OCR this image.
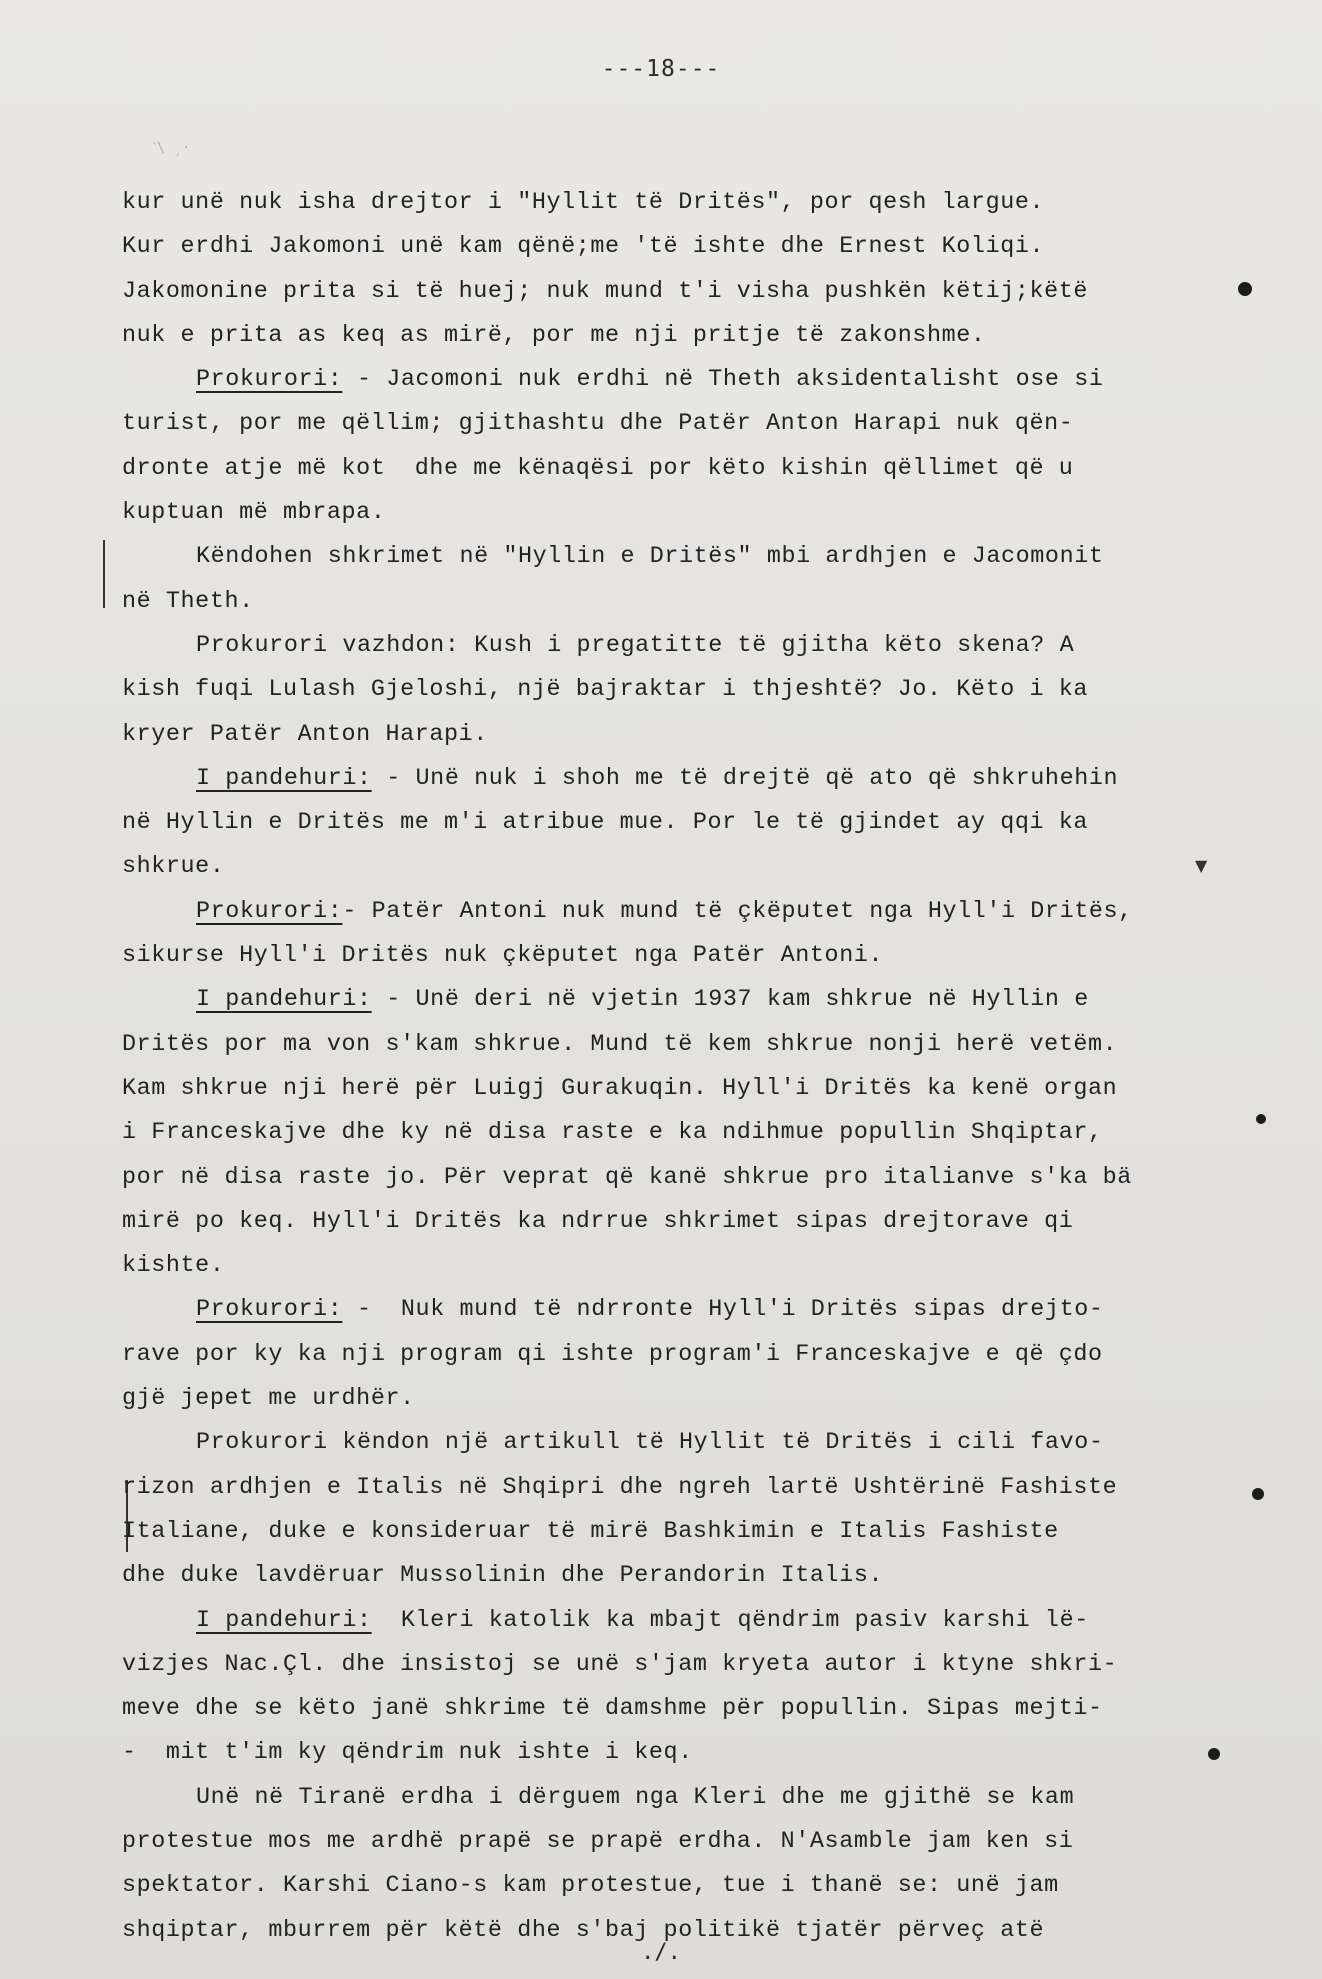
---18---
ˋ\ ̗ ·
▼
kur unë nuk isha drejtor i "Hyllit të Dritës", por qesh largue.
Kur erdhi Jakomoni unë kam qënë;me 'të ishte dhe Ernest Koliqi.
Jakomonine prita si të huej; nuk mund t'i visha pushkën këtij;këtë
nuk e prita as keq as mirë, por me nji pritje të zakonshme.
Prokurori: - Jacomoni nuk erdhi në Theth aksidentalisht ose si
turist, por me qëllim; gjithashtu dhe Patër Anton Harapi nuk qën-
dronte atje më kot  dhe me kënaqësi por këto kishin qëllimet që u
kuptuan më mbrapa.
Këndohen shkrimet në "Hyllin e Dritës" mbi ardhjen e Jacomonit
në Theth.
Prokurori vazhdon: Kush i pregatitte të gjitha këto skena? A
kish fuqi Lulash Gjeloshi, një bajraktar i thjeshtë? Jo. Këto i ka
kryer Patër Anton Harapi.
I pandehuri: - Unë nuk i shoh me të drejtë që ato që shkruhehin
në Hyllin e Dritës me m'i atribue mue. Por le të gjindet ay qqi ka
shkrue.
Prokurori:- Patër Antoni nuk mund të çkëputet nga Hyll'i Dritës,
sikurse Hyll'i Dritës nuk çkëputet nga Patër Antoni.
I pandehuri: - Unë deri në vjetin 1937 kam shkrue në Hyllin e
Dritës por ma von s'kam shkrue. Mund të kem shkrue nonji herë vetëm.
Kam shkrue nji herë për Luigj Gurakuqin. Hyll'i Dritës ka kenë organ
i Franceskajve dhe ky në disa raste e ka ndihmue popullin Shqiptar,
por në disa raste jo. Për veprat që kanë shkrue pro italianve s'ka bä
mirë po keq. Hyll'i Dritës ka ndrrue shkrimet sipas drejtorave qi
kishte.
Prokurori: -  Nuk mund të ndrronte Hyll'i Dritës sipas drejto-
rave por ky ka nji program qi ishte program'i Franceskajve e që çdo
gjë jepet me urdhër.
Prokurori këndon një artikull të Hyllit të Dritës i cili favo-
rizon ardhjen e Italis në Shqipri dhe ngreh lartë Ushtërinë Fashiste
Italiane, duke e konsideruar të mirë Bashkimin e Italis Fashiste
dhe duke lavdëruar Mussolinin dhe Perandorin Italis.
I pandehuri:  Kleri katolik ka mbajt qëndrim pasiv karshi lë-
vizjes Nac.Çl. dhe insistoj se unë s'jam kryeta autor i ktyne shkri-
meve dhe se këto janë shkrime të damshme për popullin. Sipas mejti-
-  mit t'im ky qëndrim nuk ishte i keq.
Unë në Tiranë erdha i dërguem nga Kleri dhe me gjithë se kam
protestue mos me ardhë prapë se prapë erdha. N'Asamble jam ken si
spektator. Karshi Ciano-s kam protestue, tue i thanë se: unë jam
shqiptar, mburrem për këtë dhe s'baj politikë tjatër përveç atë
./.
